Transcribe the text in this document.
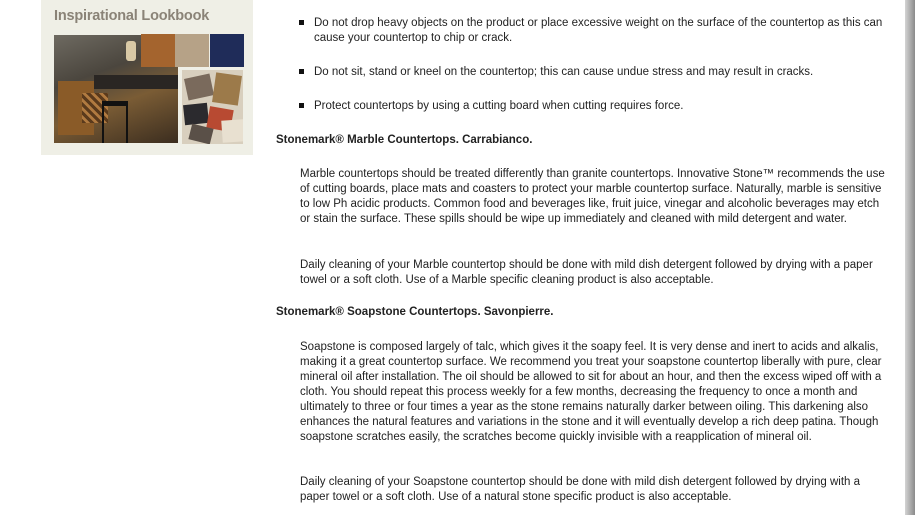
Inspirational Lookbook	Do not drop heavy objects on the product or place excessive weight on the surface of the countertop as this can cause your countertop to chip or crack.
Do not sit, stand or kneel on the countertop; this can cause undue stress and may result in cracks.
Protect countertops by using a cutting board when cutting requires force.
Stonemark® Marble Countertops. Carrabianco.
Marble countertops should be treated differently than granite countertops. Innovative Stone™ recommends the use of cutting boards, place mats and coasters to protect your marble countertop surface. Naturally, marble is sensitive to low Ph acidic products. Common food and beverages like, fruit juice, vinegar and alcoholic beverages may etch or stain the surface. These spills should be wipe up immediately and cleaned with mild detergent and water.
Daily cleaning of your Marble countertop should be done with mild dish detergent followed by drying with a paper towel or a soft cloth. Use of a Marble specific cleaning product is also acceptable.
Stonemark® Soapstone Countertops. Savonpierre.
Soapstone is composed largely of talc, which gives it the soapy feel. It is very dense and inert to acids and alkalis, making it a great countertop surface. We recommend you treat your soapstone countertop liberally with pure, clear mineral oil after installation. The oil should be allowed to sit for about an hour, and then the excess wiped off with a cloth. You should repeat this process weekly for a few months, decreasing the frequency to once a month and ultimately to three or four times a year as the stone remains naturally darker between oiling. This darkening also enhances the natural features and variations in the stone and it will eventually develop a rich deep patina. Though soapstone scratches easily, the scratches become quickly invisible with a reapplication of mineral oil.
Daily cleaning of your Soapstone countertop should be done with mild dish detergent followed by drying with a paper towel or a soft cloth. Use of a natural stone specific product is also acceptable.
